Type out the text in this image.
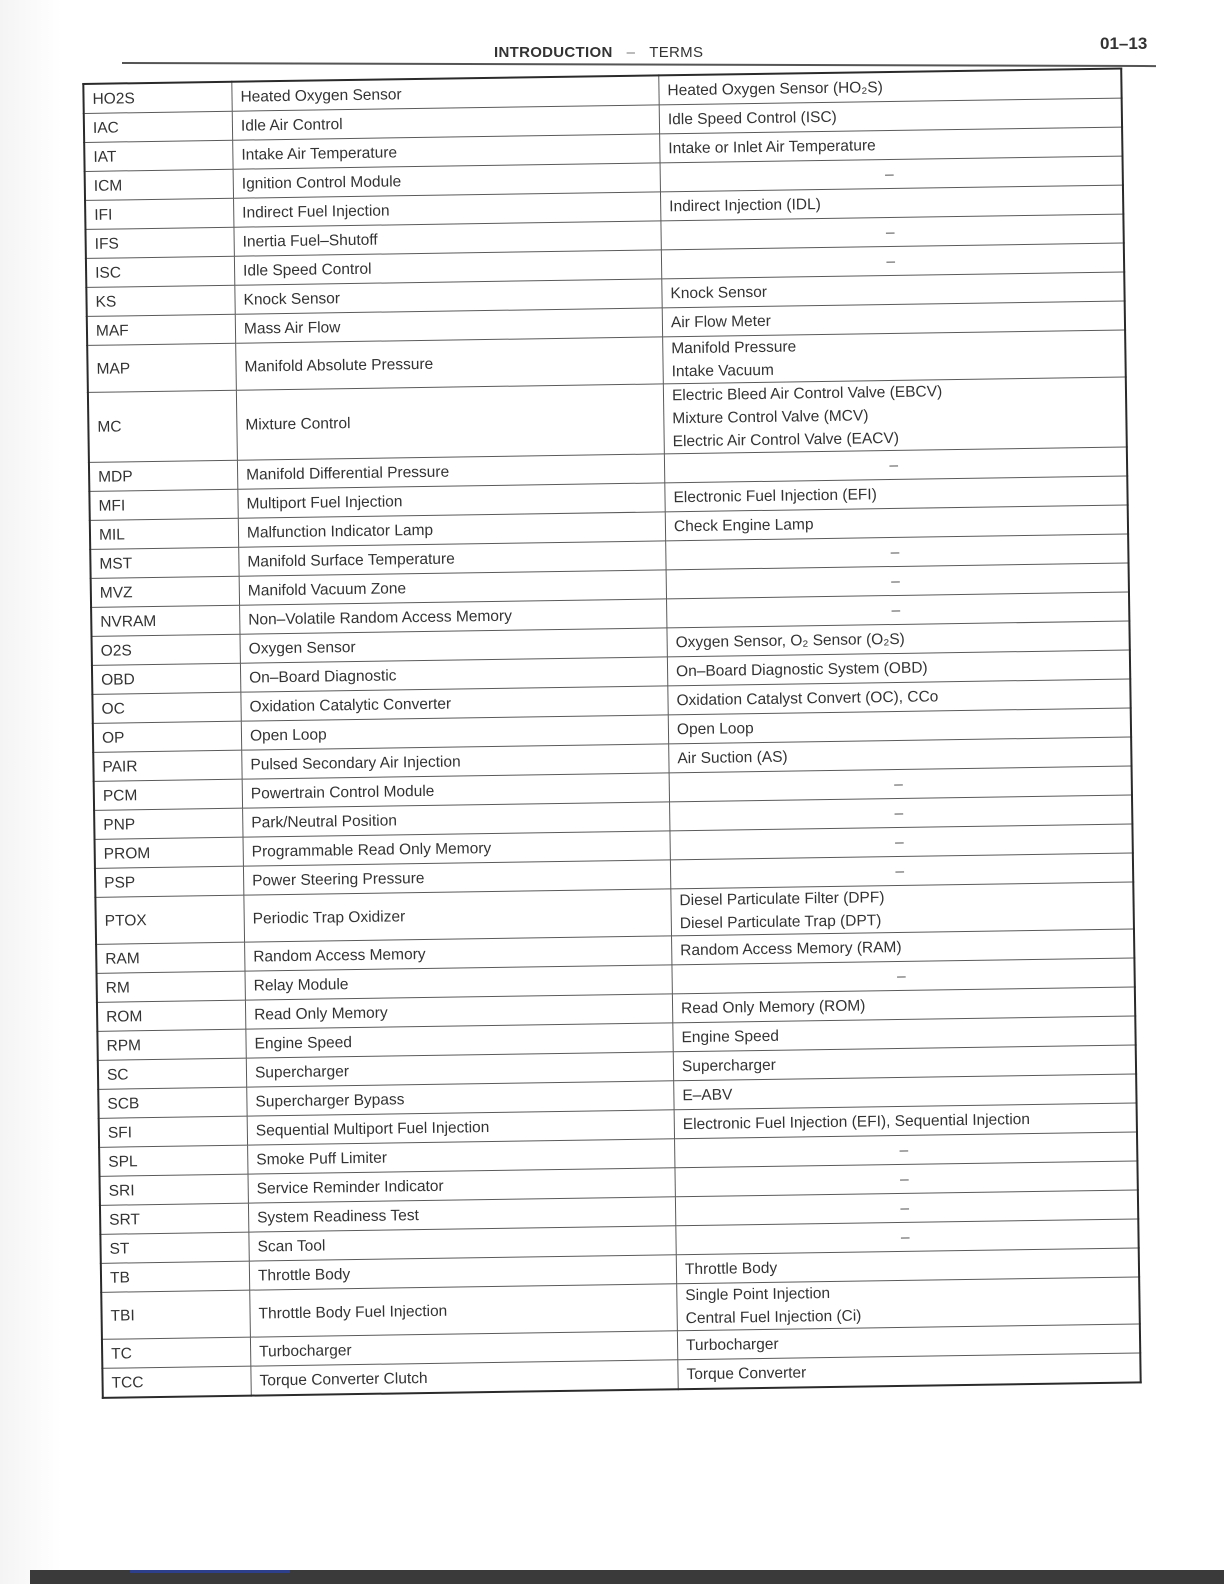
INTRODUCTION – TERMS	01–13
HO2S	Heated Oxygen Sensor	Heated Oxygen Sensor (HO₂S)

IAC	Idle Air Control	Idle Speed Control (ISC)

IAT	Intake Air Temperature	Intake or Inlet Air Temperature

ICM	Ignition Control Module	–

IFI	Indirect Fuel Injection	Indirect Injection (IDL)

IFS	Inertia Fuel–Shutoff	–

ISC	Idle Speed Control	–

KS	Knock Sensor	Knock Sensor

MAF	Mass Air Flow	Air Flow Meter

MAP	Manifold Absolute Pressure	Manifold Pressure
Intake Vacuum

MC	Mixture Control	Electric Bleed Air Control Valve (EBCV)
Mixture Control Valve (MCV)
Electric Air Control Valve (EACV)

MDP	Manifold Differential Pressure	–

MFI	Multiport Fuel Injection	Electronic Fuel Injection (EFI)

MIL	Malfunction Indicator Lamp	Check Engine Lamp

MST	Manifold Surface Temperature	–

MVZ	Manifold Vacuum Zone	–

NVRAM	Non–Volatile Random Access Memory	–

O2S	Oxygen Sensor	Oxygen Sensor, O₂ Sensor (O₂S)

OBD	On–Board Diagnostic	On–Board Diagnostic System (OBD)

OC	Oxidation Catalytic Converter	Oxidation Catalyst Convert (OC), CCo

OP	Open Loop	Open Loop

PAIR	Pulsed Secondary Air Injection	Air Suction (AS)

PCM	Powertrain Control Module	–

PNP	Park/Neutral Position	–

PROM	Programmable Read Only Memory	–

PSP	Power Steering Pressure	–

PTOX	Periodic Trap Oxidizer	Diesel Particulate Filter (DPF)
Diesel Particulate Trap (DPT)

RAM	Random Access Memory	Random Access Memory (RAM)

RM	Relay Module	–

ROM	Read Only Memory	Read Only Memory (ROM)

RPM	Engine Speed	Engine Speed

SC	Supercharger	Supercharger

SCB	Supercharger Bypass	E–ABV

SFI	Sequential Multiport Fuel Injection	Electronic Fuel Injection (EFI), Sequential Injection

SPL	Smoke Puff Limiter	–

SRI	Service Reminder Indicator	–

SRT	System Readiness Test	–

ST	Scan Tool	–

TB	Throttle Body	Throttle Body

TBI	Throttle Body Fuel Injection	Single Point Injection
Central Fuel Injection (Ci)

TC	Turbocharger	Turbocharger

TCC	Torque Converter Clutch	Torque Converter
